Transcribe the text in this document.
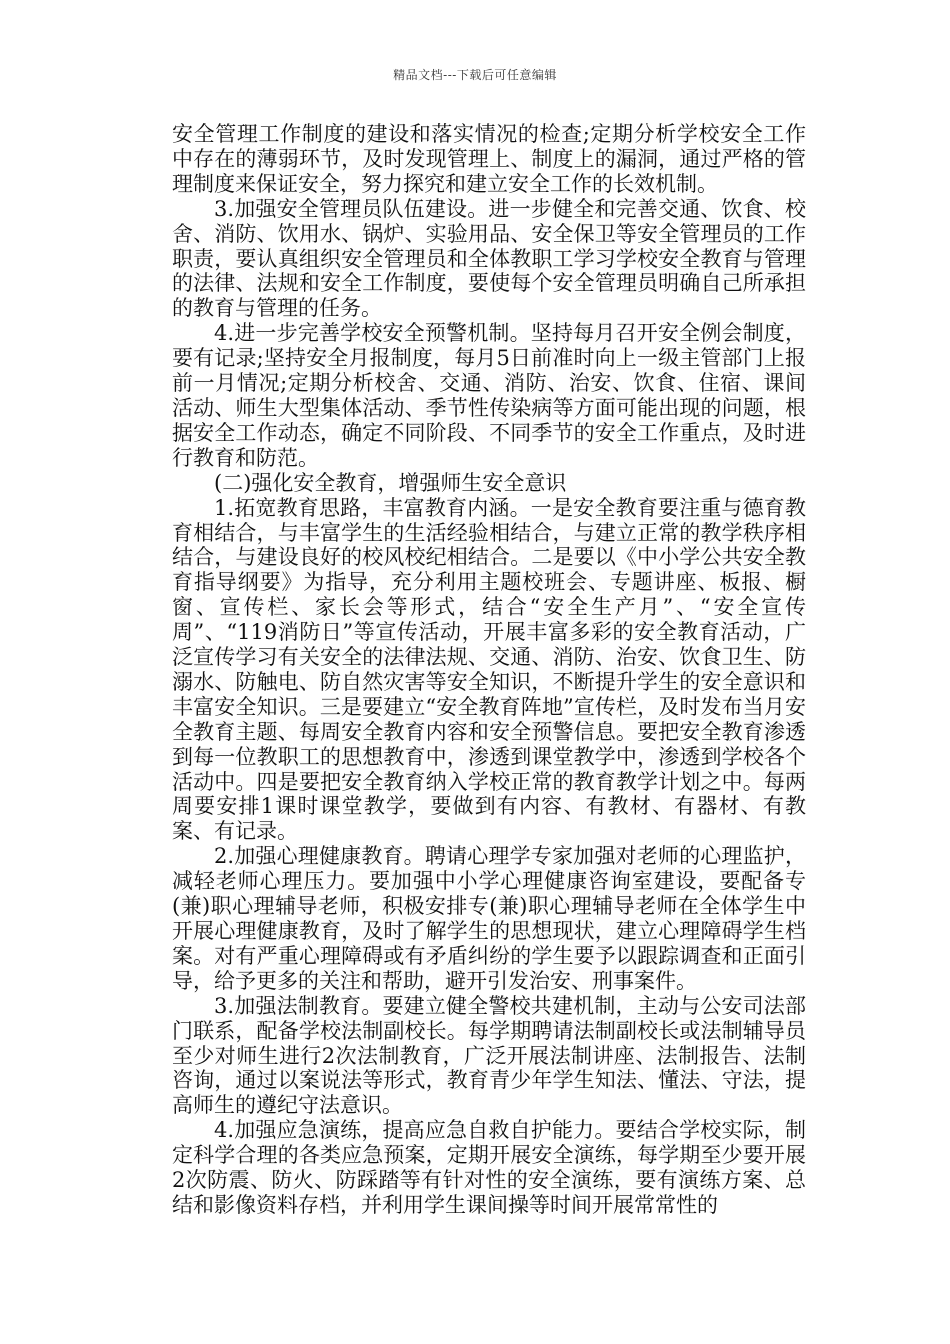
精品文档---下载后可任意编辑

安全管理工作制度的建设和落实情况的检查;定期分析学校安全工作中存在的薄弱环节，及时发现管理上、制度上的漏洞，通过严格的管理制度来保证安全，努力探究和建立安全工作的长效机制。

3.加强安全管理员队伍建设。进一步健全和完善交通、饮食、校舍、消防、饮用水、锅炉、实验用品、安全保卫等安全管理员的工作职责，要认真组织安全管理员和全体教职工学习学校安全教育与管理的法律、法规和安全工作制度，要使每个安全管理员明确自己所承担的教育与管理的任务。

4.进一步完善学校安全预警机制。坚持每月召开安全例会制度，要有记录;坚持安全月报制度，每月5日前准时向上一级主管部门上报前一月情况;定期分析校舍、交通、消防、治安、饮食、住宿、课间活动、师生大型集体活动、季节性传染病等方面可能出现的问题，根据安全工作动态，确定不同阶段、不同季节的安全工作重点，及时进行教育和防范。

(二)强化安全教育，增强师生安全意识

1.拓宽教育思路，丰富教育内涵。一是安全教育要注重与德育教育相结合，与丰富学生的生活经验相结合，与建立正常的教学秩序相结合，与建设良好的校风校纪相结合。二是要以《中小学公共安全教育指导纲要》为指导，充分利用主题校班会、专题讲座、板报、橱窗、宣传栏、家长会等形式，结合“安全生产月”、“安全宣传周”、“119消防日”等宣传活动，开展丰富多彩的安全教育活动，广泛宣传学习有关安全的法律法规、交通、消防、治安、饮食卫生、防溺水、防触电、防自然灾害等安全知识，不断提升学生的安全意识和丰富安全知识。三是要建立“安全教育阵地”宣传栏，及时发布当月安全教育主题、每周安全教育内容和安全预警信息。要把安全教育渗透到每一位教职工的思想教育中，渗透到课堂教学中，渗透到学校各个活动中。四是要把安全教育纳入学校正常的教育教学计划之中。每两周要安排1课时课堂教学，要做到有内容、有教材、有器材、有教案、有记录。

2.加强心理健康教育。聘请心理学专家加强对老师的心理监护，减轻老师心理压力。要加强中小学心理健康咨询室建设，要配备专(兼)职心理辅导老师，积极安排专(兼)职心理辅导老师在全体学生中开展心理健康教育，及时了解学生的思想现状，建立心理障碍学生档案。对有严重心理障碍或有矛盾纠纷的学生要予以跟踪调查和正面引导，给予更多的关注和帮助，避开引发治安、刑事案件。

3.加强法制教育。要建立健全警校共建机制，主动与公安司法部门联系，配备学校法制副校长。每学期聘请法制副校长或法制辅导员至少对师生进行2次法制教育，广泛开展法制讲座、法制报告、法制咨询，通过以案说法等形式，教育青少年学生知法、懂法、守法，提高师生的遵纪守法意识。

4.加强应急演练，提高应急自救自护能力。要结合学校实际，制定科学合理的各类应急预案，定期开展安全演练，每学期至少要开展2次防震、防火、防踩踏等有针对性的安全演练，要有演练方案、总结和影像资料存档，并利用学生课间操等时间开展常常性的
